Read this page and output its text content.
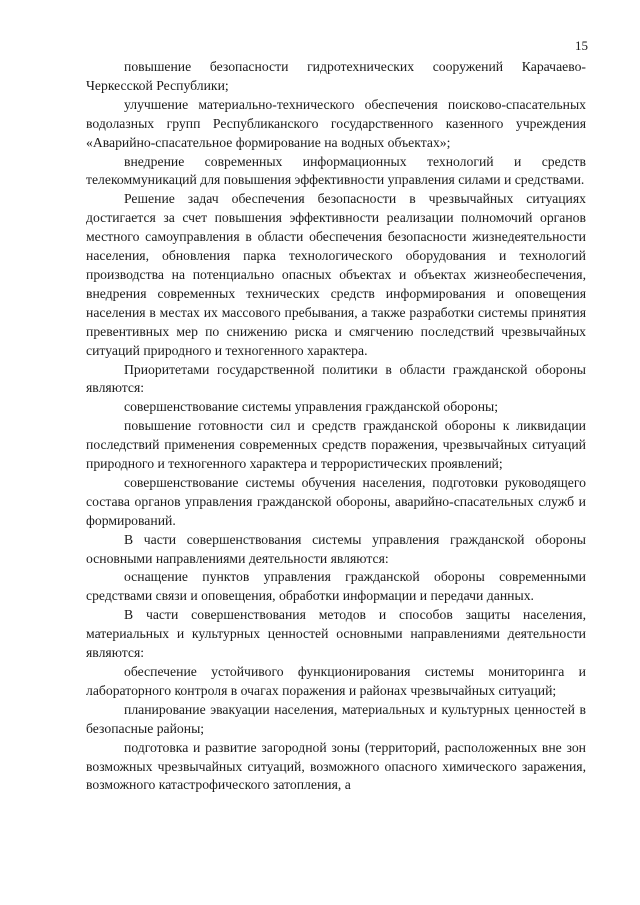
15

повышение безопасности гидротехнических сооружений Карачаево-Черкесской Республики;

улучшение материально-технического обеспечения поисково-спасательных водолазных групп Республиканского государственного казенного учреждения «Аварийно-спасательное формирование на водных объектах»;

внедрение современных информационных технологий и средств телекоммуникаций для повышения эффективности управления силами и средствами.

Решение задач обеспечения безопасности в чрезвычайных ситуациях достигается за счет повышения эффективности реализации полномочий органов местного самоуправления в области обеспечения безопасности жизнедеятельности населения, обновления парка технологического оборудования и технологий производства на потенциально опасных объектах и объектах жизнеобеспечения, внедрения современных технических средств информирования и оповещения населения в местах их массового пребывания, а также разработки системы принятия превентивных мер по снижению риска и смягчению последствий чрезвычайных ситуаций природного и техногенного характера.

Приоритетами государственной политики в области гражданской обороны являются:

совершенствование системы управления гражданской обороны;

повышение готовности сил и средств гражданской обороны к ликвидации последствий применения современных средств поражения, чрезвычайных ситуаций природного и техногенного характера и террористических проявлений;

совершенствование системы обучения населения, подготовки руководящего состава органов управления гражданской обороны, аварийно-спасательных служб и формирований.

В части совершенствования системы управления гражданской обороны основными направлениями деятельности являются:

оснащение пунктов управления гражданской обороны современными средствами связи и оповещения, обработки информации и передачи данных.

В части совершенствования методов и способов защиты населения, материальных и культурных ценностей основными направлениями деятельности являются:

обеспечение устойчивого функционирования системы мониторинга и лабораторного контроля в очагах поражения и районах чрезвычайных ситуаций;

планирование эвакуации населения, материальных и культурных ценностей в безопасные районы;

подготовка и развитие загородной зоны (территорий, расположенных вне зон возможных чрезвычайных ситуаций, возможного опасного химического заражения, возможного катастрофического затопления, а
